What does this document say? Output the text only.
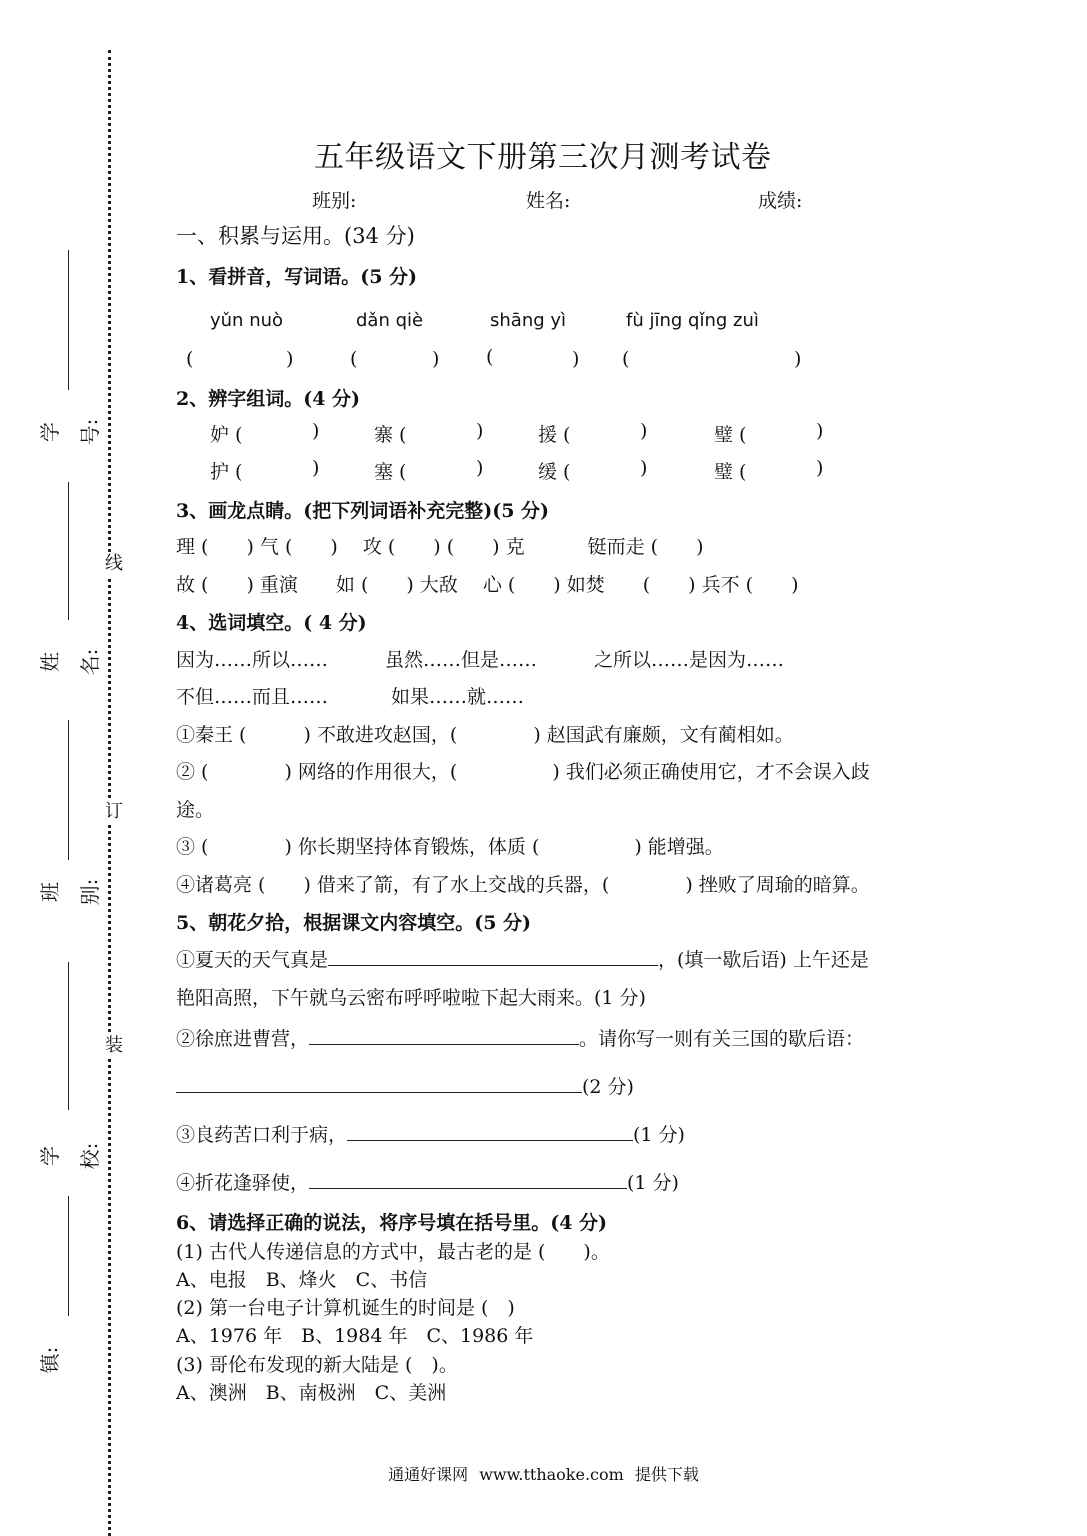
线
订
装
学号:
姓名:
班别:
学校:
镇:
五年级语文下册第三次月测考试卷
班别:	姓名:	成绩:
一、积累与运用。(34 分)
1、看拼音，写词语。(5 分)
yǔn nuò	dǎn qiè	shāng yì	fù jīng qǐng zuì
(	)	(	) (	) (	)
2、辨字组词。(4 分)
妒 (	)	寨 (	)	援 (	)	璧 (	)
护 (	)	塞 (	)	缓 (	)	璧 (	)
3、画龙点睛。(把下列词语补充完整)(5 分)
理 (　　) 气 (　　)　 攻 (　　) (　　) 克　　　 铤而走 (　　)
故 (　　) 重演　　如 (　　) 大敌　 心 (　　) 如焚　　(　　) 兵不 (　　)
4、选词填空。( 4 分)
因为……所以……　　　虽然……但是……　　　之所以……是因为……
不但……而且……　　　 如果……就……
①秦王 (　　　) 不敢进攻赵国，(　　　　) 赵国武有廉颇，文有蔺相如。
② (　　　　) 网络的作用很大，(　　　　　) 我们必须正确使用它，才不会误入歧
途。
③ (　　　　) 你长期坚持体育锻炼，体质 (　　　　　) 能增强。
④诸葛亮 (　　) 借来了箭，有了水上交战的兵器，(　　　　) 挫败了周瑜的暗算。
5、朝花夕拾，根据课文内容填空。(5 分)
①夏天的天气真是	，(填一歇后语) 上午还是
艳阳高照，下午就乌云密布呼呼啦啦下起大雨来。(1 分)
②徐庶进曹营，	。请你写一则有关三国的歇后语：
(2 分)
③良药苦口利于病，	(1 分)
④折花逢驿使，	(1 分)
6、请选择正确的说法，将序号填在括号里。(4 分)
(1) 古代人传递信息的方式中，最古老的是 (　　)。
A、电报　B、烽火　C、书信
(2) 第一台电子计算机诞生的时间是 (　)
A、1976 年　B、1984 年　C、1986 年
(3) 哥伦布发现的新大陆是 (　)。
A、澳洲　B、南极洲　C、美洲
通通好课网 www.tthaoke.com 提供下载
